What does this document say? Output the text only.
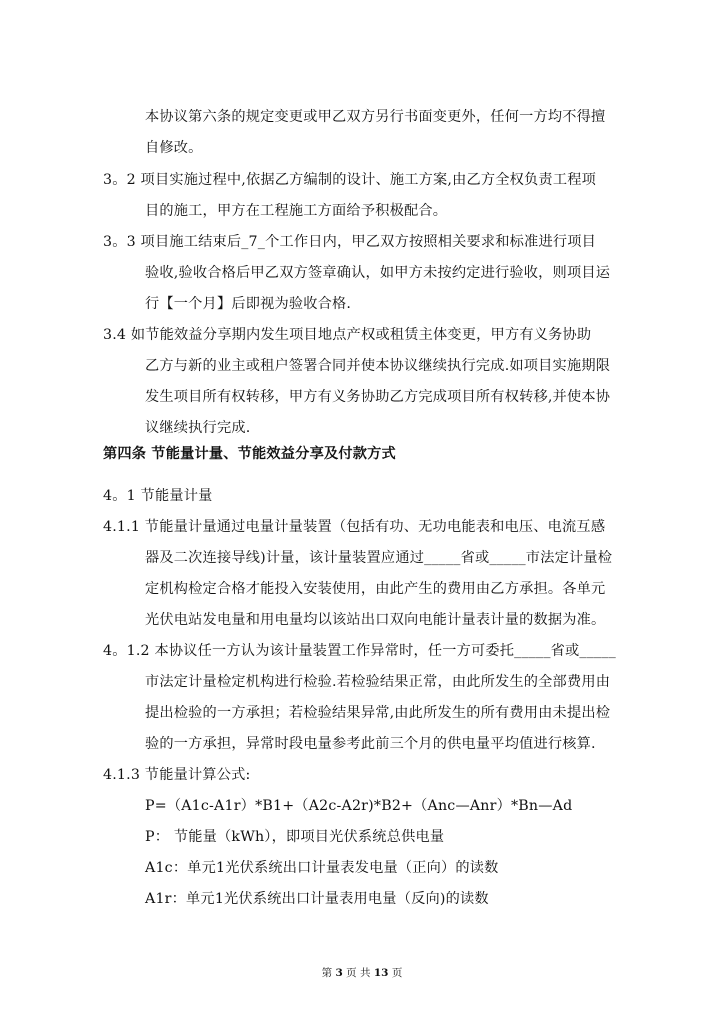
本协议第六条的规定变更或甲乙双方另行书面变更外，任何一方均不得擅
自修改。
3。2 项目实施过程中,依据乙方编制的设计、施工方案,由乙方全权负责工程项
目的施工，甲方在工程施工方面给予积极配合。
3。3 项目施工结束后_7_个工作日内，甲乙双方按照相关要求和标准进行项目
验收,验收合格后甲乙双方签章确认，如甲方未按约定进行验收，则项目运
行【一个月】后即视为验收合格.
3.4 如节能效益分享期内发生项目地点产权或租赁主体变更，甲方有义务协助
乙方与新的业主或租户签署合同并使本协议继续执行完成.如项目实施期限
发生项目所有权转移，甲方有义务协助乙方完成项目所有权转移,并使本协
议继续执行完成.
第四条 节能量计量、节能效益分享及付款方式
4。1 节能量计量
4.1.1 节能量计量通过电量计量装置（包括有功、无功电能表和电压、电流互感
器及二次连接导线)计量，该计量装置应通过_____省或_____市法定计量检
定机构检定合格才能投入安装使用，由此产生的费用由乙方承担。各单元
光伏电站发电量和用电量均以该站出口双向电能计量表计量的数据为准。
4。1.2 本协议任一方认为该计量装置工作异常时，任一方可委托_____省或_____
市法定计量检定机构进行检验.若检验结果正常，由此所发生的全部费用由
提出检验的一方承担；若检验结果异常,由此所发生的所有费用由未提出检
验的一方承担，异常时段电量参考此前三个月的供电量平均值进行核算.
4.1.3 节能量计算公式:
P=（A1c-A1r）*B1+（A2c-A2r)*B2+（Anc—Anr）*Bn—Ad
P： 节能量（kWh），即项目光伏系统总供电量
A1c：单元1光伏系统出口计量表发电量（正向）的读数
A1r：单元1光伏系统出口计量表用电量（反向)的读数
第 3 页 共 13 页
